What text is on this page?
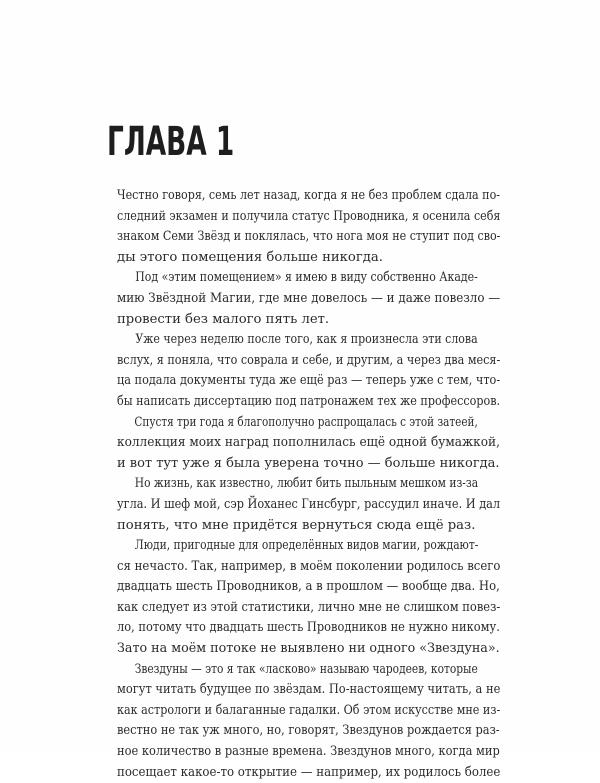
ГЛАВА 1

Честно говоря, семь лет назад, когда я не без проблем сдала по-
следний экзамен и получила статус Проводника, я осенила себя
знаком Семи Звёзд и поклялась, что нога моя не ступит под сво-
ды этого помещения больше никогда.

Под «этим помещением» я имею в виду собственно Акаде-
мию Звёздной Магии, где мне довелось — и даже повезло —
провести без малого пять лет.

Уже через неделю после того, как я произнесла эти слова
вслух, я поняла, что соврала и себе, и другим, а через два меся-
ца подала документы туда же ещё раз — теперь уже с тем, что-
бы написать диссертацию под патронажем тех же профессоров.

Спустя три года я благополучно распрощалась с этой затеей,
коллекция моих наград пополнилась ещё одной бумажкой,
и вот тут уже я была уверена точно — больше никогда.

Но жизнь, как известно, любит бить пыльным мешком из-за
угла. И шеф мой, сэр Йоханес Гинсбург, рассудил иначе. И дал
понять, что мне придётся вернуться сюда ещё раз.

Люди, пригодные для определённых видов магии, рождают-
ся нечасто. Так, например, в моём поколении родилось всего
двадцать шесть Проводников, а в прошлом — вообще два. Но,
как следует из этой статистики, лично мне не слишком повез-
ло, потому что двадцать шесть Проводников не нужно никому.
Зато на моём потоке не выявлено ни одного «Звездуна».

Звездуны — это я так «ласково» называю чародеев, которые
могут читать будущее по звёздам. По-настоящему читать, а не
как астрологи и балаганные гадалки. Об этом искусстве мне из-
вестно не так уж много, но, говорят, Звездунов рождается раз-
ное количество в разные времена. Звездунов много, когда мир
посещает какое-то открытие — например, их родилось более
